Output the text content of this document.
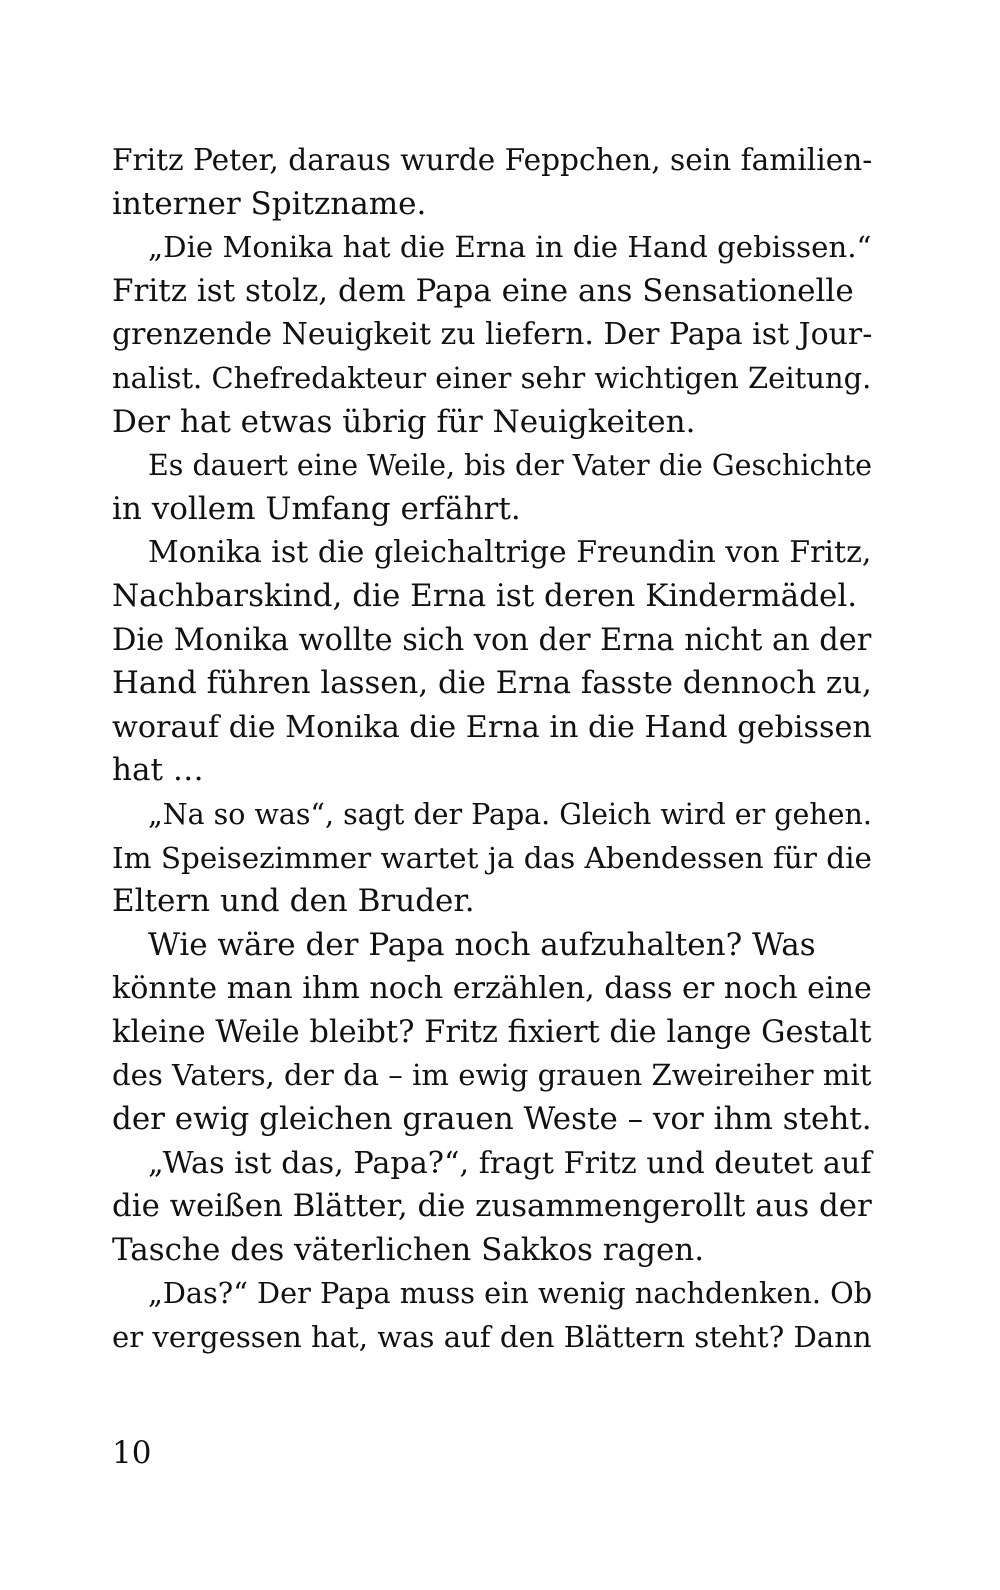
Fritz Peter, daraus wurde Feppchen, sein familien-
interner Spitzname.
„Die Monika hat die Erna in die Hand gebissen.“
Fritz ist stolz, dem Papa eine ans Sensationelle
grenzende Neuigkeit zu liefern. Der Papa ist Jour-
nalist. Chefredakteur einer sehr wichtigen Zeitung.
Der hat etwas übrig für Neuigkeiten.
Es dauert eine Weile, bis der Vater die Geschichte
in vollem Umfang erfährt.
Monika ist die gleichaltrige Freundin von Fritz,
Nachbarskind, die Erna ist deren Kindermädel.
Die Monika wollte sich von der Erna nicht an der
Hand führen lassen, die Erna fasste dennoch zu,
worauf die Monika die Erna in die Hand gebissen
hat …
„Na so was“, sagt der Papa. Gleich wird er gehen.
Im Speisezimmer wartet ja das Abendessen für die
Eltern und den Bruder.
Wie wäre der Papa noch aufzuhalten? Was
könnte man ihm noch erzählen, dass er noch eine
kleine Weile bleibt? Fritz fixiert die lange Gestalt
des Vaters, der da – im ewig grauen Zweireiher mit
der ewig gleichen grauen Weste – vor ihm steht.
„Was ist das, Papa?“, fragt Fritz und deutet auf
die weißen Blätter, die zusammengerollt aus der
Tasche des väterlichen Sakkos ragen.
„Das?“ Der Papa muss ein wenig nachdenken. Ob
er vergessen hat, was auf den Blättern steht? Dann
10
